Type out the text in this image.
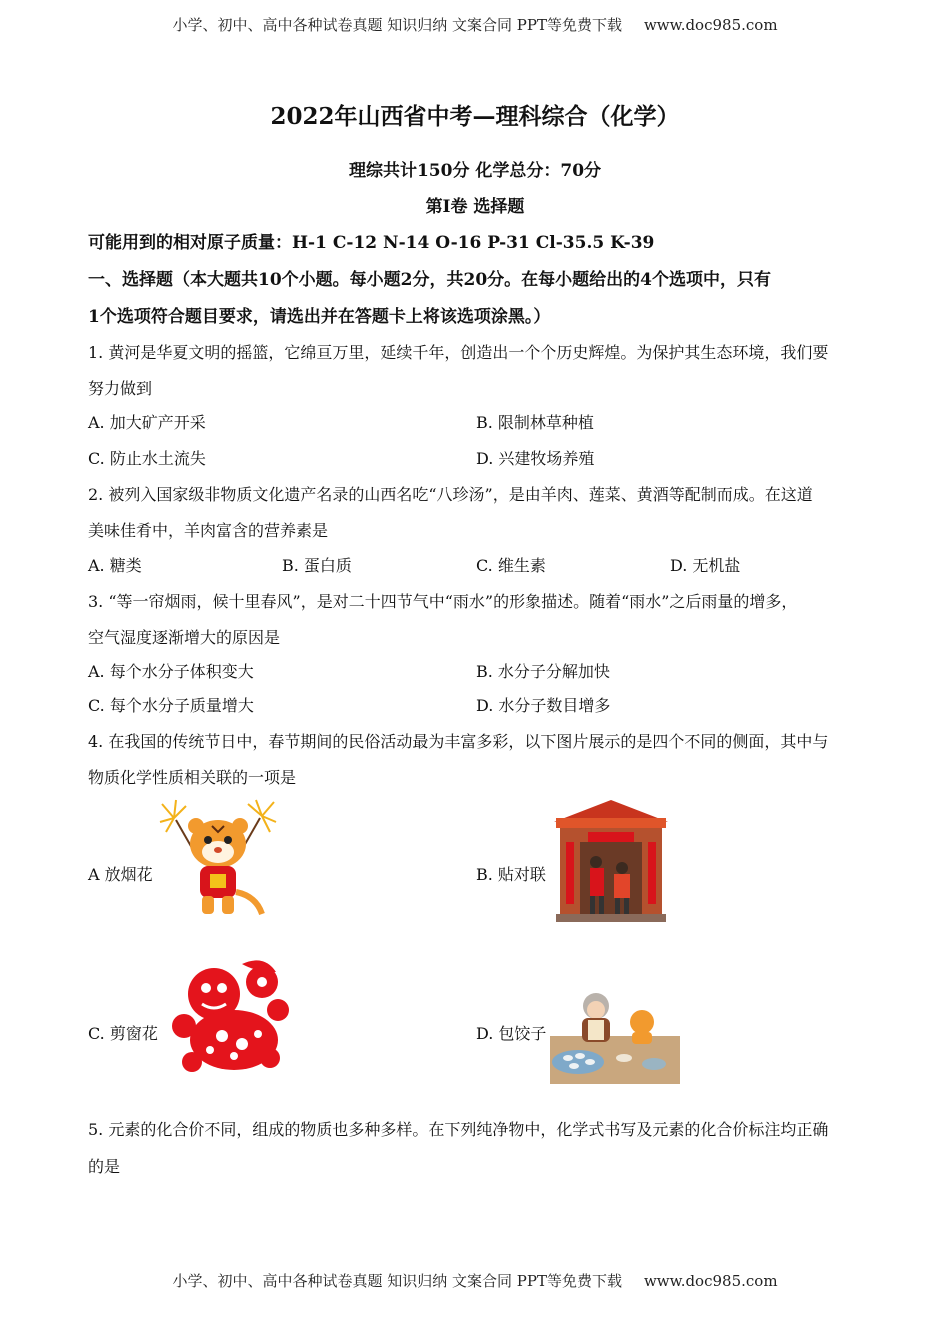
小学、初中、高中各种试卷真题 知识归纳 文案合同 PPT等免费下载 www.doc985.com
2022年山西省中考—理科综合（化学）
理综共计150分 化学总分：70分
第Ⅰ卷 选择题
可能用到的相对原子质量：H-1 C-12 N-14 O-16 P-31 Cl-35.5 K-39
一、选择题（本大题共10个小题。每小题2分，共20分。在每小题给出的4个选项中，只有
1个选项符合题目要求，请选出并在答题卡上将该选项涂黑。）
1. 黄河是华夏文明的摇篮，它绵亘万里，延续千年，创造出一个个历史辉煌。为保护其生态环境，我们要
努力做到
A. 加大矿产开采	B. 限制林草种植
C. 防止水土流失	D. 兴建牧场养殖
2. 被列入国家级非物质文化遗产名录的山西名吃“八珍汤”，是由羊肉、莲菜、黄酒等配制而成。在这道
美味佳肴中，羊肉富含的营养素是
A. 糖类	B. 蛋白质	C. 维生素	D. 无机盐
3. “等一帘烟雨，候十里春风”，是对二十四节气中“雨水”的形象描述。随着“雨水”之后雨量的增多，
空气湿度逐渐增大的原因是
A. 每个水分子体积变大	B. 水分子分解加快
C. 每个水分子质量增大	D. 水分子数目增多
4. 在我国的传统节日中，春节期间的民俗活动最为丰富多彩，以下图片展示的是四个不同的侧面，其中与
物质化学性质相关联的一项是
A 放烟花	B. 贴对联
C. 剪窗花	D. 包饺子
5. 元素的化合价不同，组成的物质也多种多样。在下列纯净物中，化学式书写及元素的化合价标注均正确
的是
小学、初中、高中各种试卷真题 知识归纳 文案合同 PPT等免费下载 www.doc985.com
